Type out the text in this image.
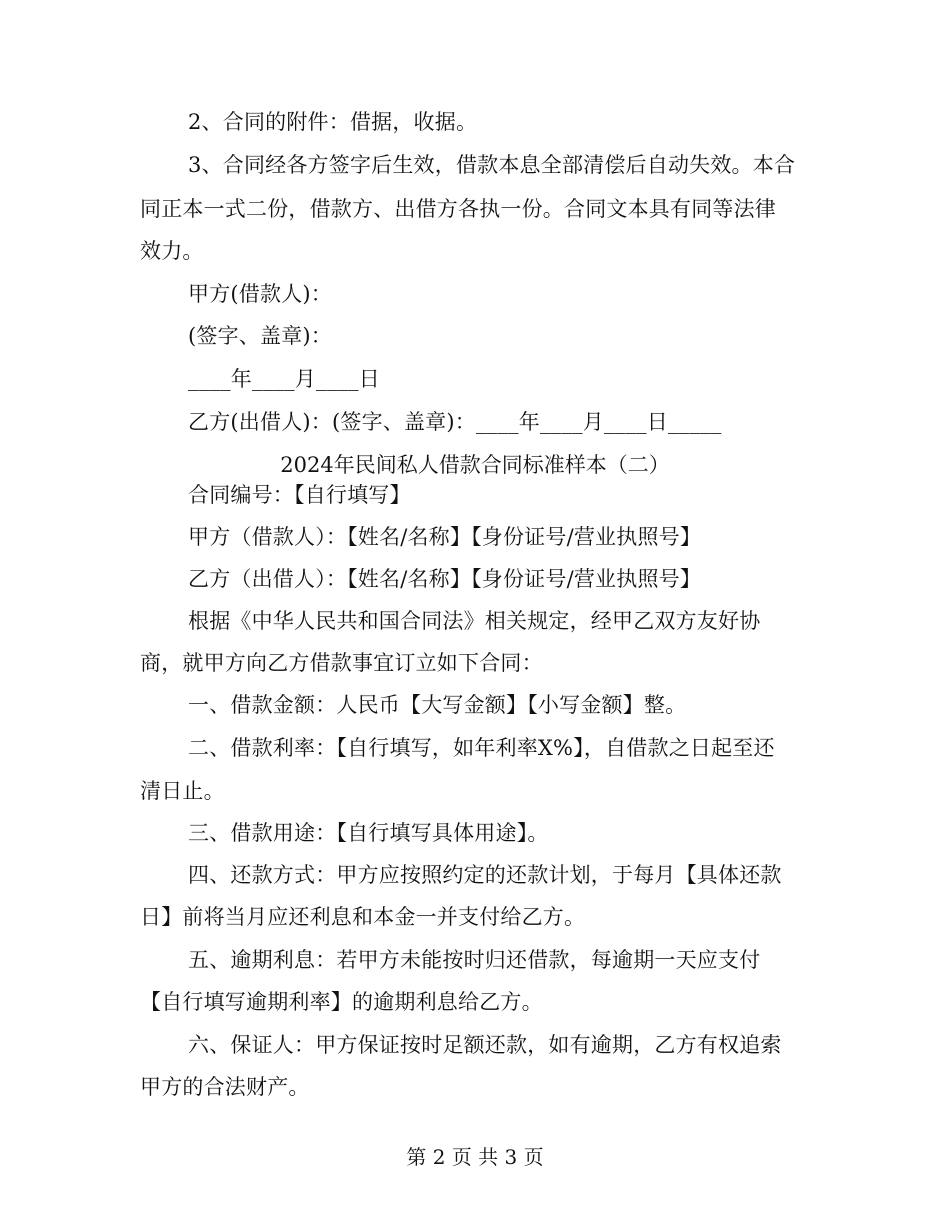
2、合同的附件：借据，收据。
3、合同经各方签字后生效，借款本息全部清偿后自动失效。本合
同正本一式二份，借款方、出借方各执一份。合同文本具有同等法律
效力。
甲方(借款人)：
(签字、盖章)：
____年____月____日
乙方(出借人)：(签字、盖章)：____年____月____日_____
2024年民间私人借款合同标准样本（二）
合同编号：【自行填写】
甲方（借款人）：【姓名/名称】【身份证号/营业执照号】
乙方（出借人）：【姓名/名称】【身份证号/营业执照号】
根据《中华人民共和国合同法》相关规定，经甲乙双方友好协
商，就甲方向乙方借款事宜订立如下合同：
一、借款金额：人民币【大写金额】【小写金额】整。
二、借款利率：【自行填写，如年利率X%】，自借款之日起至还
清日止。
三、借款用途：【自行填写具体用途】。
四、还款方式：甲方应按照约定的还款计划，于每月【具体还款
日】前将当月应还利息和本金一并支付给乙方。
五、逾期利息：若甲方未能按时归还借款，每逾期一天应支付
【自行填写逾期利率】的逾期利息给乙方。
六、保证人：甲方保证按时足额还款，如有逾期，乙方有权追索
甲方的合法财产。
第 2 页 共 3 页
